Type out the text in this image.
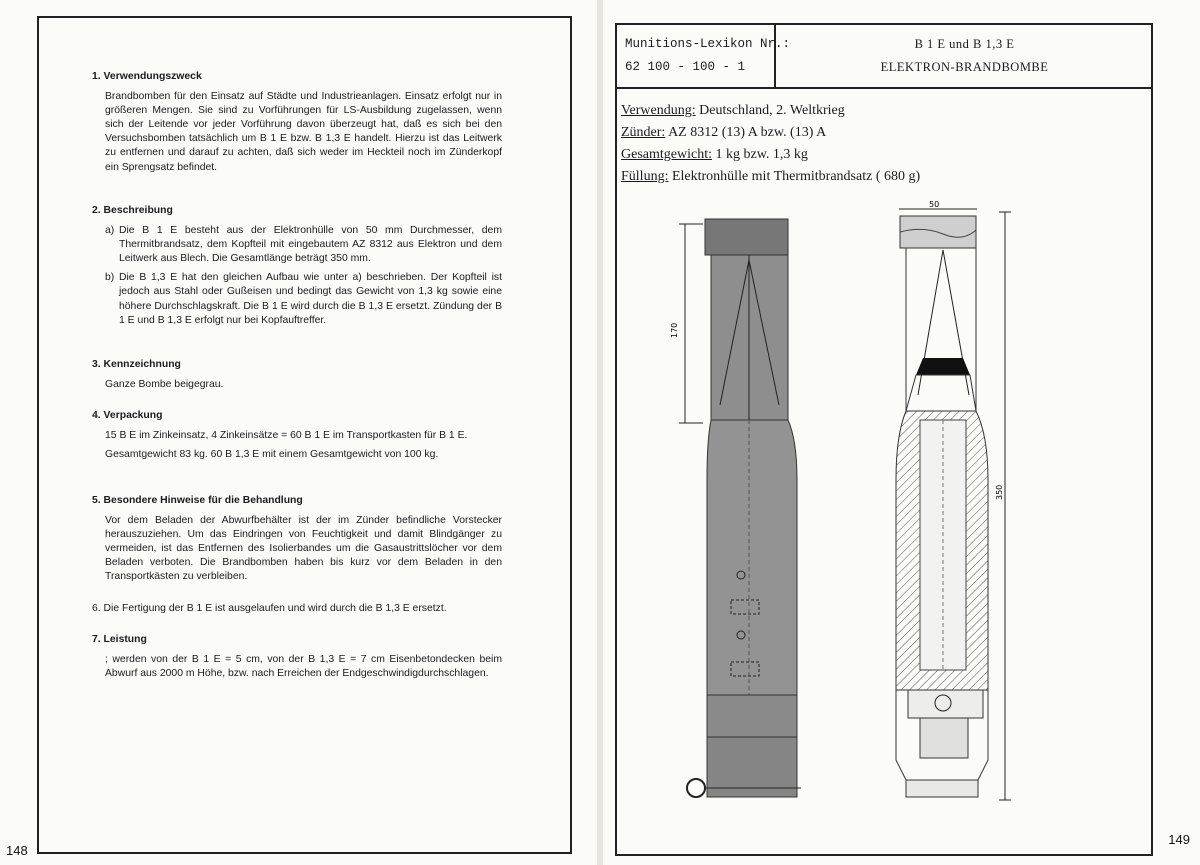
1. Verwendungszweck

Brandbomben für den Einsatz auf Städte und Industrieanlagen. Einsatz erfolgt nur in größeren Mengen. Sie sind zu Vorführungen für LS-Ausbildung zugelassen, wenn sich der Leitende vor jeder Vorführung davon überzeugt hat, daß es sich bei den Versuchsbomben tatsächlich um B 1 E bzw. B 1,3 E handelt. Hierzu ist das Leitwerk zu entfernen und darauf zu achten, daß sich weder im Heckteil noch im Zünderkopf ein Sprengsatz befindet.

2. Beschreibung
a) Die B 1 E besteht aus der Elektronhülle von 50 mm Durchmesser, dem Thermitbrandsatz, dem Kopfteil mit eingebautem AZ 8312 aus Elektron und dem Leitwerk aus Blech. Die Gesamtlänge beträgt 350 mm.
b) Die B 1,3 E hat den gleichen Aufbau wie unter a) beschrieben. Der Kopfteil ist jedoch aus Stahl oder Gußeisen und bedingt das Gewicht von 1,3 kg sowie eine höhere Durchschlagskraft. Die B 1 E wird durch die B 1,3 E ersetzt. Zündung der B 1 E und B 1,3 E erfolgt nur bei Kopfauftreffer.
3. Kennzeichnung

Ganze Bombe beigegrau.

4. Verpackung

15 B E im Zinkeinsatz, 4 Zinkeinsätze = 60 B 1 E im Transportkasten für B 1 E.

Gesamtgewicht 83 kg. 60 B 1,3 E mit einem Gesamtgewicht von 100 kg.

5. Besondere Hinweise für die Behandlung

Vor dem Beladen der Abwurfbehälter ist der im Zünder befindliche Vorstecker herauszuziehen. Um das Eindringen von Feuchtigkeit und damit Blindgänger zu vermeiden, ist das Entfernen des Isolierbandes um die Gasaustrittslöcher vor dem Beladen verboten. Die Brandbomben haben bis kurz vor dem Beladen in den Transportkästen zu verbleiben.

6. Die Fertigung der B 1 E ist ausgelaufen und wird durch die B 1,3 E ersetzt.
7. Leistung

; werden von der B 1 E = 5 cm, von der B 1,3 E = 7 cm Eisenbetondecken beim Abwurf aus 2000 m Höhe, bzw. nach Erreichen der Endgeschwindigdurchschlagen.

148
Munitions-Lexikon Nr.:
62 100 - 100 - 1
B 1 E und B 1,3 E
ELEKTRON-BRANDBOMBE
Verwendung: Deutschland, 2. Weltkrieg
Zünder: AZ 8312 (13) A bzw. (13) A
Gesamtgewicht: 1 kg bzw. 1,3 kg
Füllung: Elektronhülle mit Thermitbrandsatz ( 680 g)
170
50
350
149
